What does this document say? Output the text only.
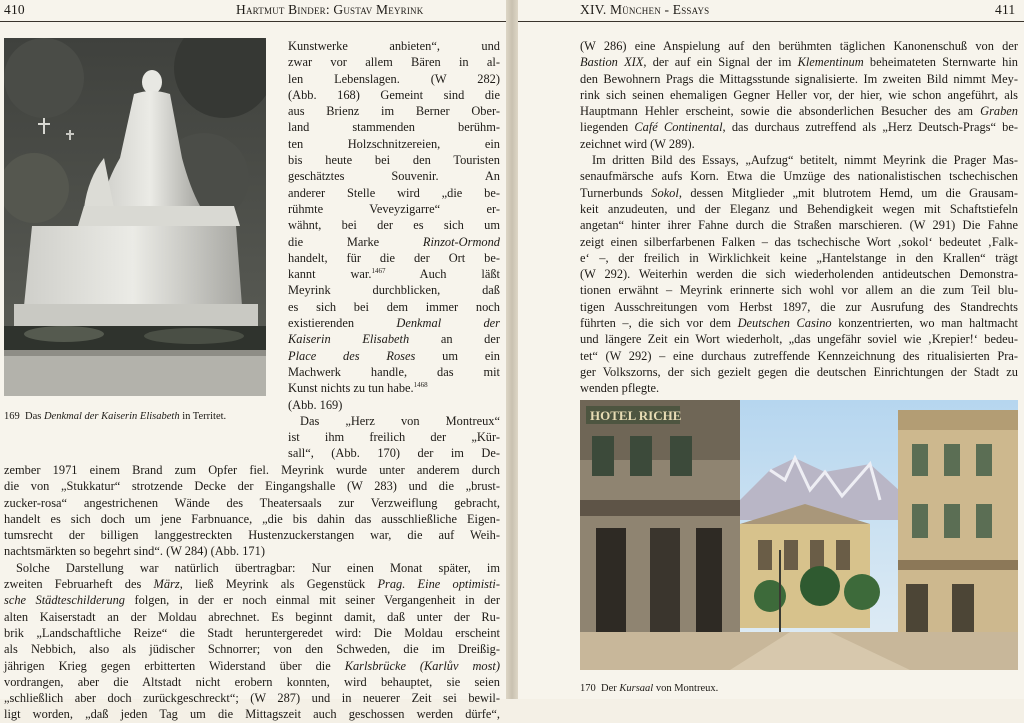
410	Hartmut Binder: Gustav Meyrink
169 Das Denkmal der Kaiserin Elisabeth in Territet.
Kunstwerke anbieten“, und
zwar vor allem Bären in al-
len Lebenslagen. (W 282)
(Abb. 168) Gemeint sind die
aus Brienz im Berner Ober-
land stammenden berühm-
ten Holzschnitzereien, ein
bis heute bei den Touristen
geschätztes Souvenir. An
anderer Stelle wird „die be-
rühmte Veveyzigarre“ er-
wähnt, bei der es sich um
die Marke Rinzot-Ormond
handelt, für die der Ort be-
kannt war.$^{1467}$ Auch läßt
Meyrink durchblicken, daß
es sich bei dem immer noch
existierenden Denkmal der
Kaiserin Elisabeth an der
Place des Roses um ein
Machwerk handle, das mit
Kunst nichts zu tun habe.$^{1468}$
(Abb. 169)
Das „Herz von Montreux“
ist ihm freilich der „Kür-
sall“, (Abb. 170) der im De-
zember 1971 einem Brand zum Opfer fiel. Meyrink wurde unter anderem durch
die von „Stukkatur“ strotzende Decke der Eingangshalle (W 283) und die „brust-
zucker-rosa“ angestrichenen Wände des Theatersaals zur Verzweiflung gebracht,
handelt es sich doch um jene Farbnuance, „die bis dahin das ausschließliche Eigen-
tumsrecht der billigen langgestreckten Hustenzuckerstangen war, die auf Weih-
nachtsmärkten so begehrt sind“. (W 284) (Abb. 171)
Solche Darstellung war natürlich übertragbar: Nur einen Monat später, im
zweiten Februarheft des März, ließ Meyrink als Gegenstück Prag. Eine optimisti-
sche Städteschilderung folgen, in der er noch einmal mit seiner Vergangenheit in der
alten Kaiserstadt an der Moldau abrechnet. Es beginnt damit, daß unter der Ru-
brik „Landschaftliche Reize“ die Stadt heruntergeredet wird: Die Moldau erscheint
als Nebbich, also als jüdischer Schnorrer; von den Schweden, die im Dreißig-
jährigen Krieg gegen erbitterten Widerstand über die Karlsbrücke (Karlův most)
vordrangen, aber die Altstadt nicht erobern konnten, wird behauptet, sie seien
„schließlich aber doch zurückgeschreckt“; (W 287) und in neuerer Zeit sei bewil-
ligt worden, „daß jeden Tag um die Mittagszeit auch geschossen werden dürfe“,
XIV. München - Essays	411
(W 286) eine Anspielung auf den berühmten täglichen Kanonenschuß von der
Bastion XIX, der auf ein Signal der im Klementinum beheimateten Sternwarte hin
den Bewohnern Prags die Mittagsstunde signalisierte. Im zweiten Bild nimmt Mey-
rink sich seinen ehemaligen Gegner Heller vor, der hier, wie schon angeführt, als
Hauptmann Hehler erscheint, sowie die absonderlichen Besucher des am Graben
liegenden Café Continental, das durchaus zutreffend als „Herz Deutsch-Prags“ be-
zeichnet wird (W 289).
Im dritten Bild des Essays, „Aufzug“ betitelt, nimmt Meyrink die Prager Mas-
senaufmärsche aufs Korn. Etwa die Umzüge des nationalistischen tschechischen
Turnerbunds Sokol, dessen Mitglieder „mit blutrotem Hemd, um die Grausam-
keit anzudeuten, und der Eleganz und Behendigkeit wegen mit Schaftstiefeln
angetan“ hinter ihrer Fahne durch die Straßen marschieren. (W 291) Die Fahne
zeigt einen silberfarbenen Falken – das tschechische Wort ‚sokol‘ bedeutet ‚Falk-
e‘ –, der freilich in Wirklichkeit keine „Hantelstange in den Krallen“ trägt
(W 292). Weiterhin werden die sich wiederholenden antideutschen Demonstra-
tionen erwähnt – Meyrink erinnerte sich wohl vor allem an die zum Teil blu-
tigen Ausschreitungen vom Herbst 1897, die zur Ausrufung des Standrechts
führten –, die sich vor dem Deutschen Casino konzentrierten, wo man haltmacht
und längere Zeit ein Wort wiederholt, „das ungefähr soviel wie ‚Krepier!‘ bedeu-
tet“ (W 292) – eine durchaus zutreffende Kennzeichnung des ritualisierten Pra-
ger Volkszorns, der sich gezielt gegen die deutschen Einrichtungen der Stadt zu
wenden pflegte.
HOTEL RICHE
170 Der Kursaal von Montreux.
